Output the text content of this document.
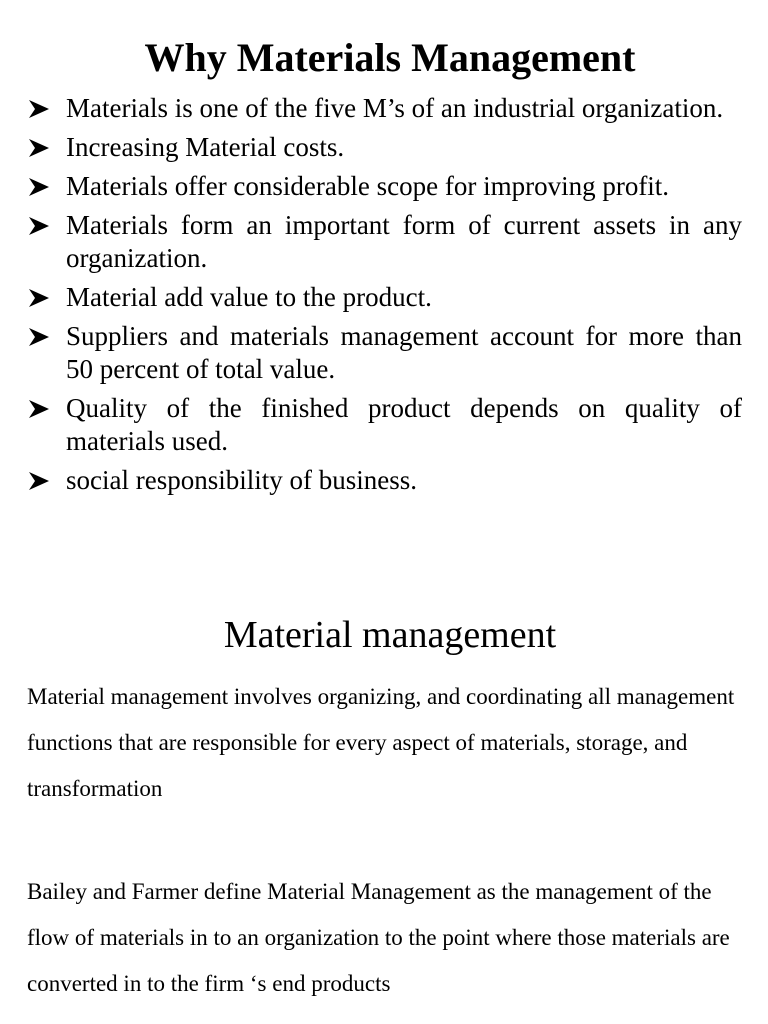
Why Materials Management
Materials is one of the five M’s of an industrial organization.
Increasing Material costs.
Materials offer considerable scope for improving profit.
Materials form an important form of current assets in any organization.
Material add value to the product.
Suppliers and materials management account for more than 50 percent of total value.
Quality of the finished product depends on quality of materials used.
social responsibility of business.
Material management

Material management involves organizing, and coordinating all management functions that are responsible for every aspect of materials, storage, and transformation

Bailey and Farmer define Material Management as the management of the flow of materials in to an organization to the point where those materials are converted in to the firm ‘s end products
